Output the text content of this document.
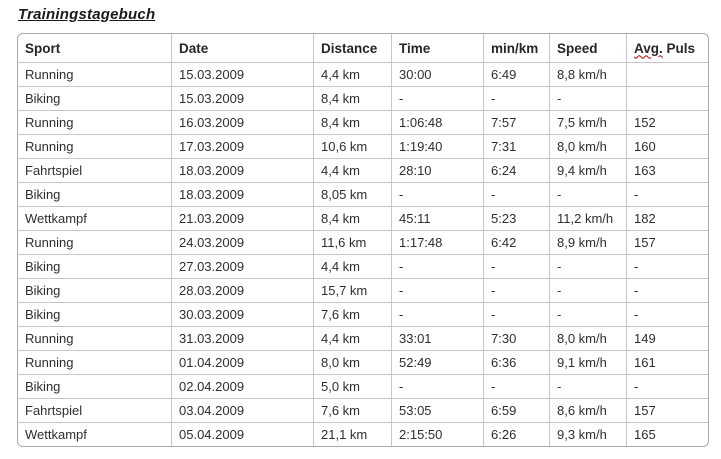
Trainingstagebuch
Sport	Date	Distance	Time	min/km	Speed	Avg. Puls
Running	15.03.2009	4,4 km	30:00	6:49	8,8 km/h	
Biking	15.03.2009	8,4 km	-	-	-	
Running	16.03.2009	8,4 km	1:06:48	7:57	7,5 km/h	152
Running	17.03.2009	10,6 km	1:19:40	7:31	8,0 km/h	160
Fahrtspiel	18.03.2009	4,4 km	28:10	6:24	9,4 km/h	163
Biking	18.03.2009	8,05 km	-	-	-	-
Wettkampf	21.03.2009	8,4 km	45:11	5:23	11,2 km/h	182
Running	24.03.2009	11,6 km	1:17:48	6:42	8,9 km/h	157
Biking	27.03.2009	4,4 km	-	-	-	-
Biking	28.03.2009	15,7 km	-	-	-	-
Biking	30.03.2009	7,6 km	-	-	-	-
Running	31.03.2009	4,4 km	33:01	7:30	8,0 km/h	149
Running	01.04.2009	8,0 km	52:49	6:36	9,1 km/h	161
Biking	02.04.2009	5,0 km	-	-	-	-
Fahrtspiel	03.04.2009	7,6 km	53:05	6:59	8,6 km/h	157
Wettkampf	05.04.2009	21,1 km	2:15:50	6:26	9,3 km/h	165
